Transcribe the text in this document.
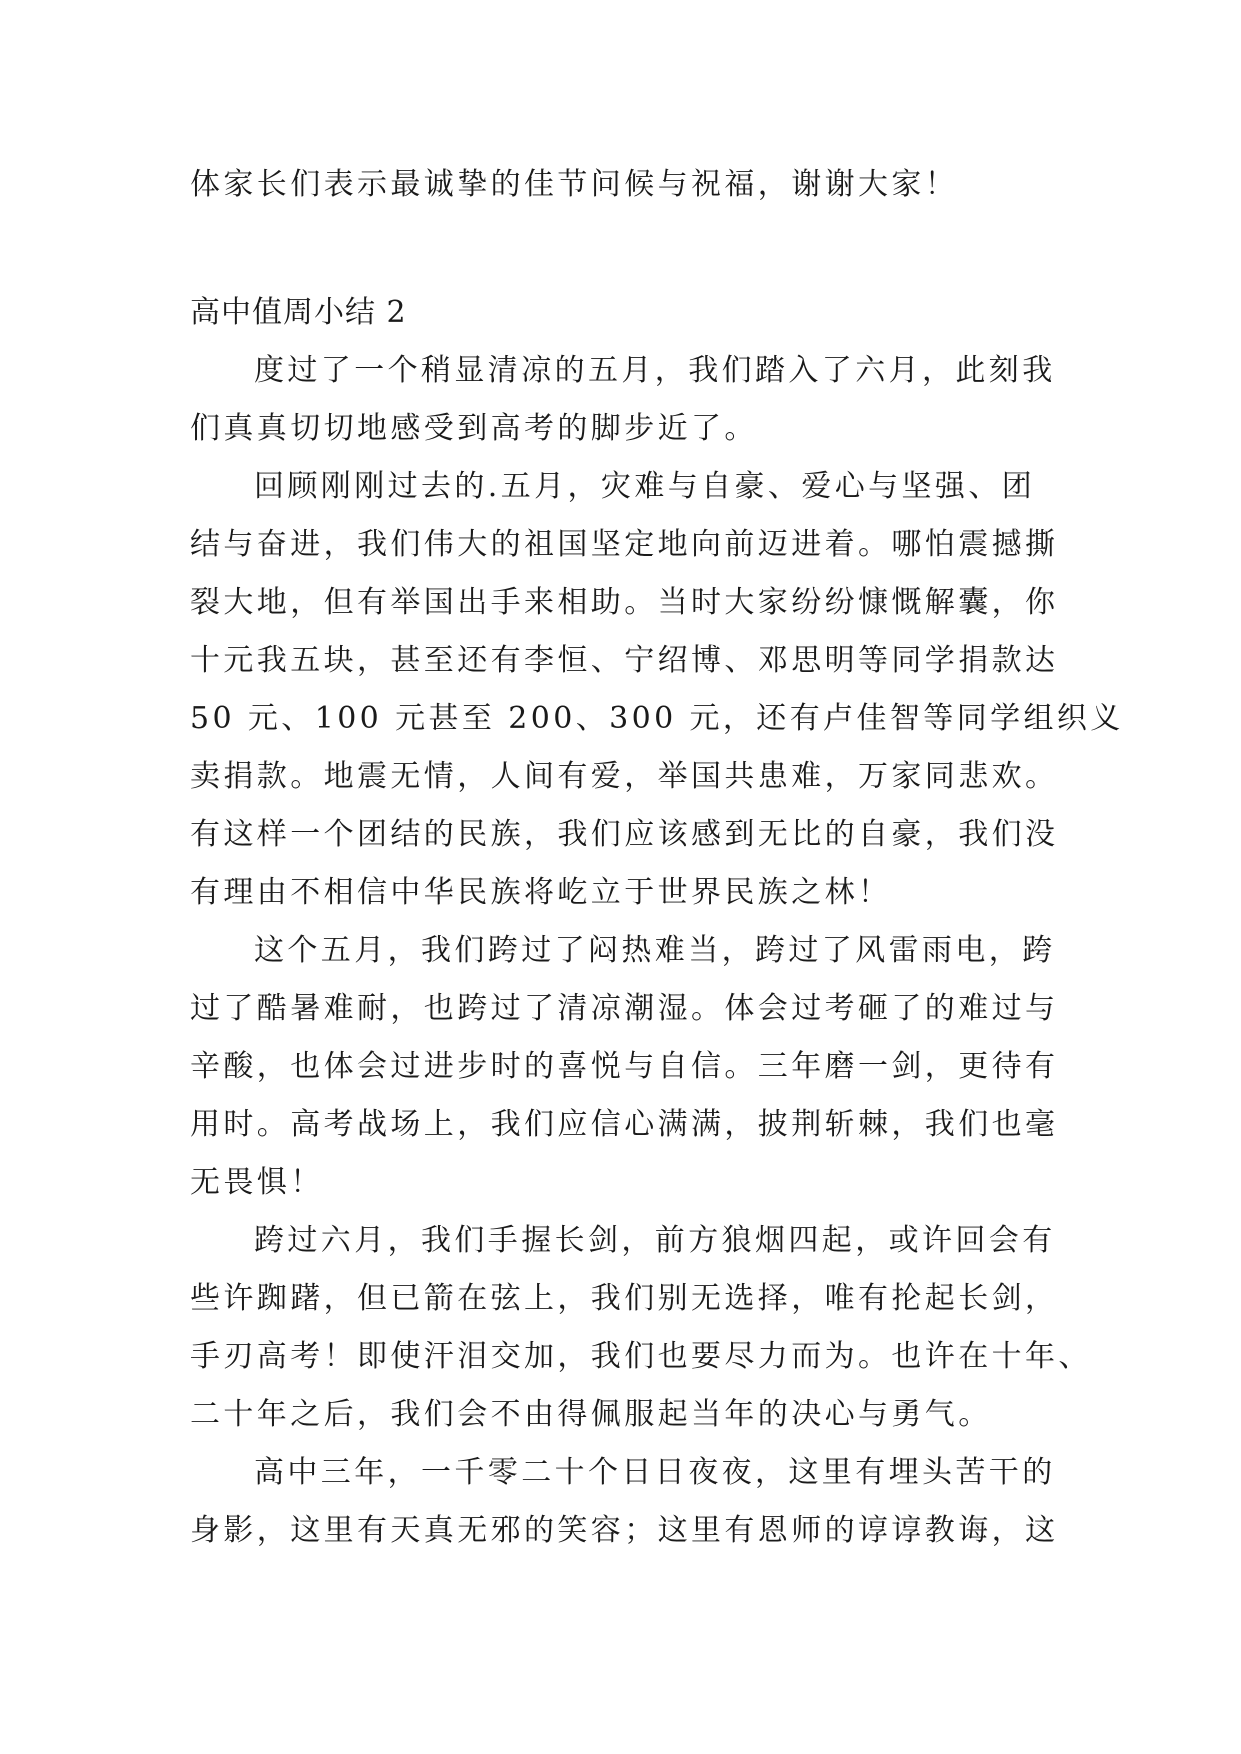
体家长们表示最诚挚的佳节问候与祝福，谢谢大家！
高中值周小结 2
度过了一个稍显清凉的五月，我们踏入了六月，此刻我
们真真切切地感受到高考的脚步近了。
回顾刚刚过去的.五月，灾难与自豪、爱心与坚强、团
结与奋进，我们伟大的祖国坚定地向前迈进着。哪怕震撼撕
裂大地，但有举国出手来相助。当时大家纷纷慷慨解囊，你
十元我五块，甚至还有李恒、宁绍博、邓思明等同学捐款达
50 元、100 元甚至 200、300 元，还有卢佳智等同学组织义
卖捐款。地震无情，人间有爱，举国共患难，万家同悲欢。
有这样一个团结的民族，我们应该感到无比的自豪，我们没
有理由不相信中华民族将屹立于世界民族之林！
这个五月，我们跨过了闷热难当，跨过了风雷雨电，跨
过了酷暑难耐，也跨过了清凉潮湿。体会过考砸了的难过与
辛酸，也体会过进步时的喜悦与自信。三年磨一剑，更待有
用时。高考战场上，我们应信心满满，披荆斩棘，我们也毫
无畏惧！
跨过六月，我们手握长剑，前方狼烟四起，或许回会有
些许踟躇，但已箭在弦上，我们别无选择，唯有抡起长剑，
手刃高考！即使汗泪交加，我们也要尽力而为。也许在十年、
二十年之后，我们会不由得佩服起当年的决心与勇气。
高中三年，一千零二十个日日夜夜，这里有埋头苦干的
身影，这里有天真无邪的笑容；这里有恩师的谆谆教诲，这
